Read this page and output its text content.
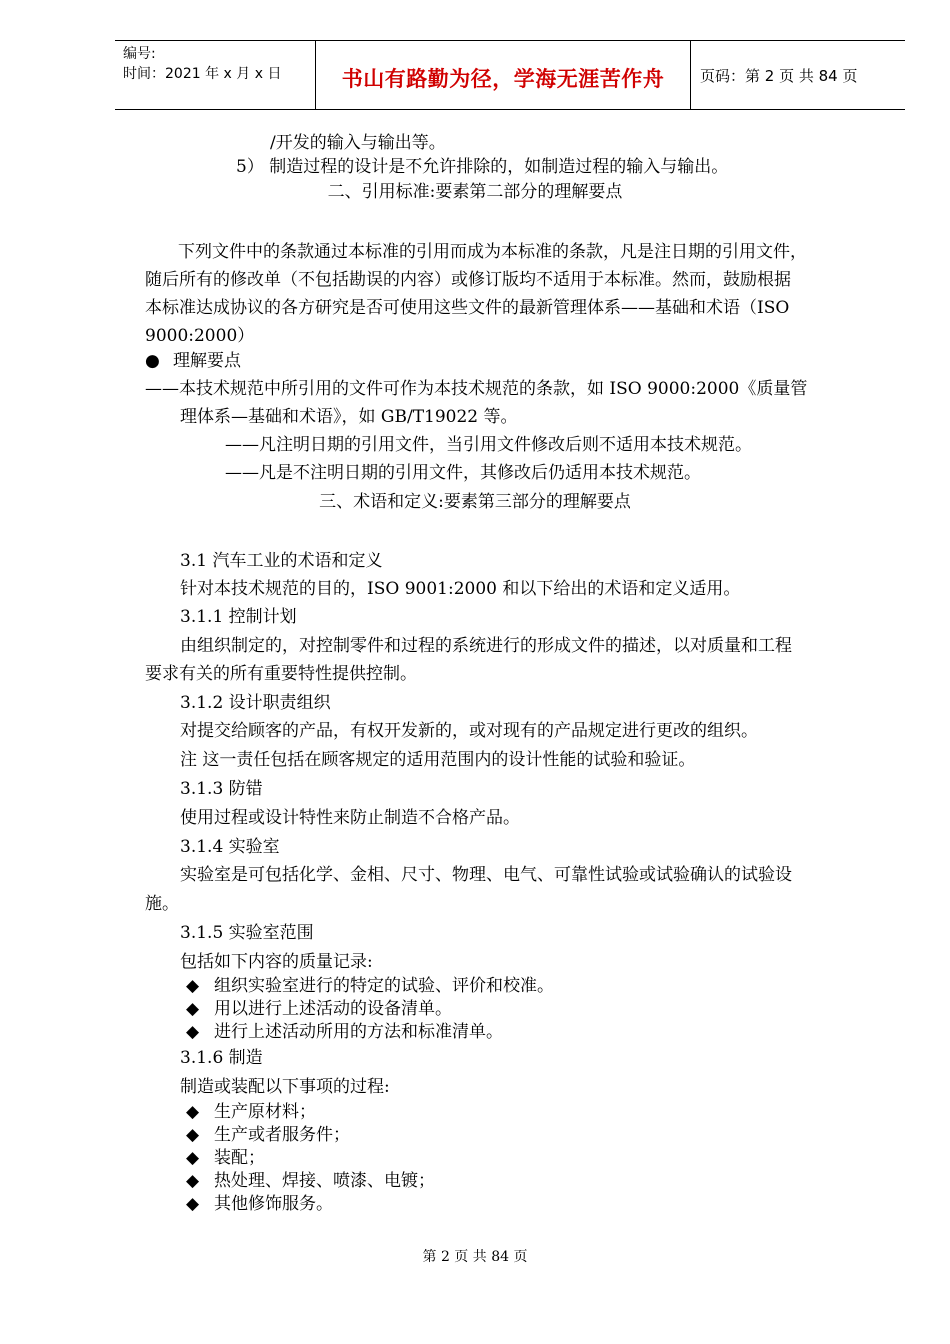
编号:
时间：2021 年 x 月 x 日	书山有路勤为径，学海无涯苦作舟	页码：第 2 页 共 84 页
/开发的输入与输出等。
5） 制造过程的设计是不允许排除的，如制造过程的输入与输出。
二、引用标准:要素第二部分的理解要点
下列文件中的条款通过本标准的引用而成为本标准的条款，凡是注日期的引用文件，
随后所有的修改单（不包括勘误的内容）或修订版均不适用于本标准。然而，鼓励根据
本标准达成协议的各方研究是否可使用这些文件的最新管理体系——基础和术语（ISO
9000:2000）
● 理解要点
——本技术规范中所引用的文件可作为本技术规范的条款，如 ISO 9000:2000《质量管
理体系—基础和术语》，如 GB/T19022 等。
——凡注明日期的引用文件，当引用文件修改后则不适用本技术规范。
——凡是不注明日期的引用文件，其修改后仍适用本技术规范。
三、术语和定义:要素第三部分的理解要点
3.1 汽车工业的术语和定义
针对本技术规范的目的，ISO 9001:2000 和以下给出的术语和定义适用。
3.1.1 控制计划
由组织制定的，对控制零件和过程的系统进行的形成文件的描述，以对质量和工程
要求有关的所有重要特性提供控制。
3.1.2 设计职责组织
对提交给顾客的产品，有权开发新的，或对现有的产品规定进行更改的组织。
注 这一责任包括在顾客规定的适用范围内的设计性能的试验和验证。
3.1.3 防错
使用过程或设计特性来防止制造不合格产品。
3.1.4 实验室
实验室是可包括化学、金相、尺寸、物理、电气、可靠性试验或试验确认的试验设
施。
3.1.5 实验室范围
包括如下内容的质量记录:
◆ 组织实验室进行的特定的试验、评价和校准。
◆ 用以进行上述活动的设备清单。
◆ 进行上述活动所用的方法和标准清单。
3.1.6 制造
制造或装配以下事项的过程:
◆ 生产原材料；
◆ 生产或者服务件；
◆ 装配；
◆ 热处理、焊接、喷漆、电镀；
◆ 其他修饰服务。
第 2 页 共 84 页
